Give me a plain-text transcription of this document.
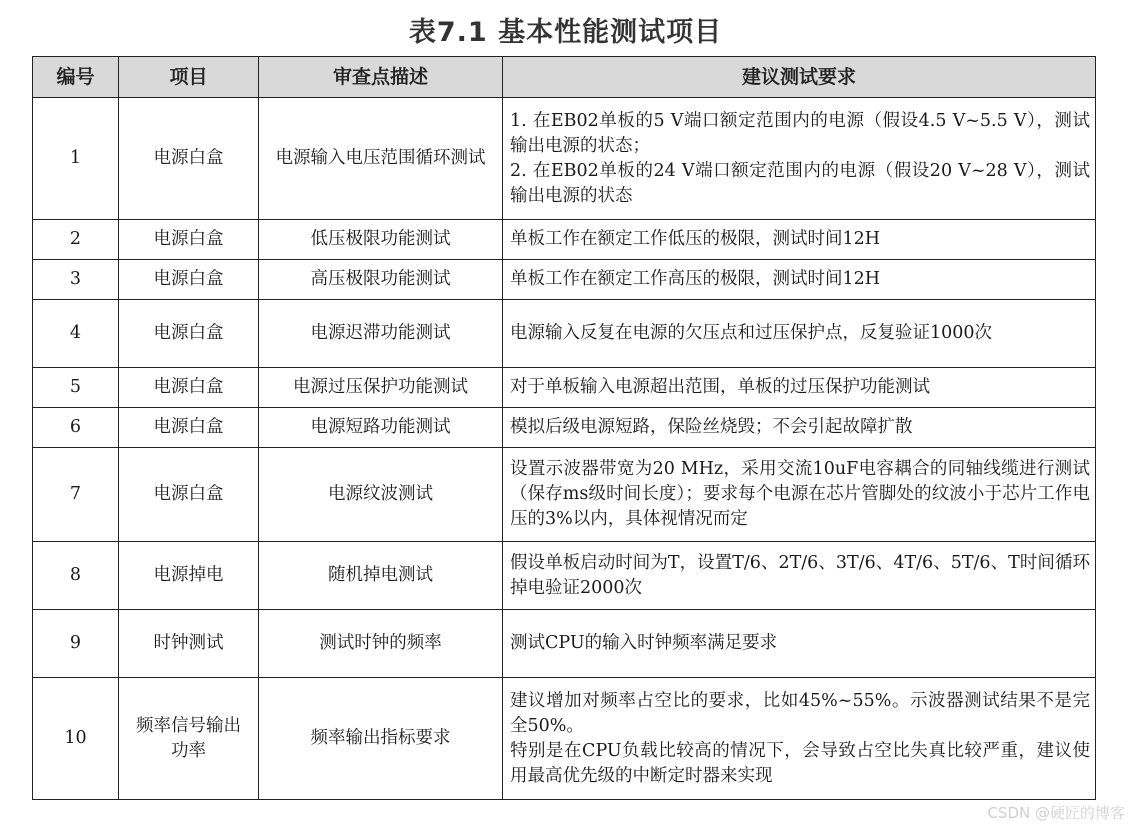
表7.1 基本性能测试项目
编号	项目	审查点描述	建议测试要求
1	电源白盒	电源输入电压范围循环测试	1. 在EB02单板的5 V端口额定范围内的电源（假设4.5 V~5.5 V），测试输出电源的状态；
2. 在EB02单板的24 V端口额定范围内的电源（假设20 V~28 V），测试输出电源的状态

2	电源白盒	低压极限功能测试	单板工作在额定工作低压的极限，测试时间12H

3	电源白盒	高压极限功能测试	单板工作在额定工作高压的极限，测试时间12H

4	电源白盒	电源迟滞功能测试	电源输入反复在电源的欠压点和过压保护点，反复验证1000次

5	电源白盒	电源过压保护功能测试	对于单板输入电源超出范围，单板的过压保护功能测试

6	电源白盒	电源短路功能测试	模拟后级电源短路，保险丝烧毁；不会引起故障扩散

7	电源白盒	电源纹波测试	设置示波器带宽为20 MHz，采用交流10uF电容耦合的同轴线缆进行测试（保存ms级时间长度）；要求每个电源在芯片管脚处的纹波小于芯片工作电压的3%以内，具体视情况而定

8	电源掉电	随机掉电测试	假设单板启动时间为T，设置T/6、2T/6、3T/6、4T/6、5T/6、T时间循环掉电验证2000次

9	时钟测试	测试时钟的频率	测试CPU的输入时钟频率满足要求

10	频率信号输出功率	频率输出指标要求	建议增加对频率占空比的要求，比如45%~55%。示波器测试结果不是完全50%。
特别是在CPU负载比较高的情况下，会导致占空比失真比较严重，建议使用最高优先级的中断定时器来实现
CSDN @硬匠的博客
